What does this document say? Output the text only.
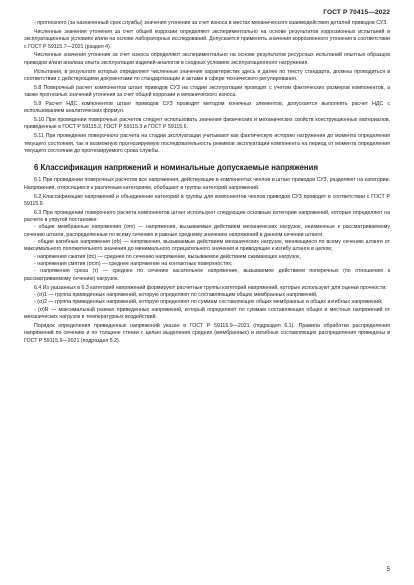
ГОСТ Р 70415—2022

- прогнозного (за назначенный срок службы) значения утонения за счет износа в местах механического взаимодействия деталей приводов СУЗ.

Численные значения утонения за счет общей коррозии определяют экспериментально на основе результатов коррозионных испытаний в эксплуатационных условиях и/или на основе лабораторных исследований. Допускается применять значения коррозионного утонения в соответствии с ГОСТ Р 59115.7—2021 (раздел 4).

Численные значения утонения за счет износа определяют экспериментально на основе результатов ресурсных испытаний опытных образцов приводов и/или анализа опыта эксплуатации изделий-аналогов в сходных условиях эксплуатационного нагружения.

Испытания, в результате которых определяют численные значения характеристик здесь и далее по тексту стандарта, должны проводиться в соответствии с действующими документами по стандартизации и актами в сфере технического регулирования.

5.8 Поверочный расчет компонентов штанг приводов СУЗ на стадии эксплуатации проводят с учетом фактических размеров компонентов, а также прогнозных значений утонения за счет общей коррозии и механического износа.

5.9 Расчет НДС компонентов штанг приводов СУЗ проводят методом конечных элементов, допускается выполнять расчет НДС с использованием аналитических формул.

5.10 При проведении поверочных расчетов следует использовать значения физических и механических свойств конструкционных материалов, приведенные в ГОСТ Р 59115.2, ГОСТ Р 59115.3 и ГОСТ Р 59115.6.

5.11 При проведении поверочного расчета на стадии эксплуатации учитывают как фактическую историю нагружения до момента определения текущего состояния, так и возможную прогнозируемую последовательность режимов эксплуатации компонента на период от момента определения текущего состояния до прогнозируемого срока службы.

6 Классификация напряжений и номинальные допускаемые напряжения

6.1 При проведении поверочных расчетов все напряжения, действующие в компонентах чехлов и штанг приводов СУЗ, разделяют на категории. Напряжения, относящиеся к различным категориям, обобщают в группы категорий напряжений.

6.2 Классификацию напряжений и объединение категорий в группы для компонентов чехлов приводов СУЗ проводят в соответствии с ГОСТ Р 59115.9.

6.3 При проведении поверочного расчета компонентов штанг используют следующие основные категории напряжений, которые определяют на расчете в упругой постановке:

- общие мембранные напряжения (σm) — напряжения, вызываемые действием механических нагрузок, неизменные к рассматриваемому сечению штанги, распределенные по всему сечению и равные среднему значению напряжений в данном сечении штанги;

- общие изгибные напряжения (σb) — напряжения, вызываемые действием механических нагрузок, меняющиеся по всему сечению штанги от максимального положительного значения до минимального отрицательного значения и приводящие к изгибу штанги в целом;

- напряжения сжатия (σc) — среднее по сечению напряжение, вызываемое действием сжимающих нагрузок,

- напряжения смятия (σcm) — среднее напряжение на контактных поверхностях;

- напряжения среза (τ) — среднее по сечению касательное напряжение, вызываемое действием поперечных (по отношению к рассматриваемому сечению) нагрузок.

6.4 Из указанных в 6.3 категорий напряжений формируют расчетные группы категорий напряжений, которые используют для оценки прочности:

- (σ)1 — группа приведенных напряжений, которую определяют по составляющим общих мембранных напряжений,

- (σ)2 — группа приведенных напряжений, которую определяют по суммам составляющих общих мембранных и общих изгибных напряжений;

- (σ)R — максимальный размах приведенных напряжений, который определяют по суммам составляющих общих и местных напряжений от механических нагрузок и температурных воздействий.

Порядок определения приведенных напряжений указан в ГОСТ Р 59115.9—2021 (подраздел 6.1). Правила обработки распределения напряжений по сечению и по толщине стенки с целью выделения средних (мембранных) и изгибных составляющих распределения приведены в ГОСТ Р 59115.9—2021 (подраздел 5.2).

5
